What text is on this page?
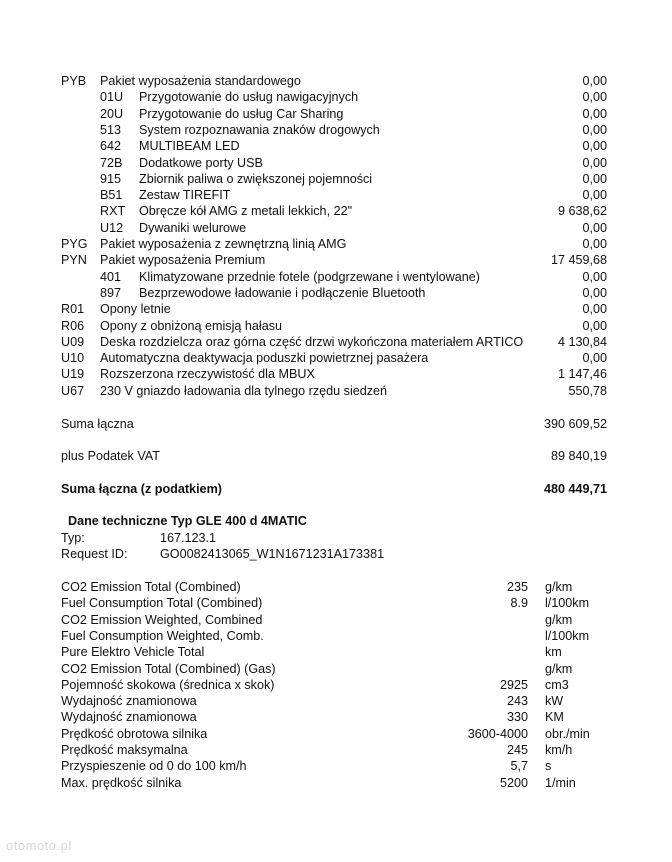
PYB Pakiet wyposażenia standardowego	0,00
01U Przygotowanie do usług nawigacyjnych	0,00
20U Przygotowanie do usług Car Sharing	0,00
513 System rozpoznawania znaków drogowych	0,00
642 MULTIBEAM LED	0,00
72B Dodatkowe porty USB	0,00
915 Zbiornik paliwa o zwiększonej pojemności	0,00
B51 Zestaw TIREFIT	0,00
RXT Obręcze kół AMG z metali lekkich, 22"	9 638,62
U12 Dywaniki welurowe	0,00
PYG Pakiet wyposażenia z zewnętrzną linią AMG	0,00
PYN Pakiet wyposażenia Premium	17 459,68
401 Klimatyzowane przednie fotele (podgrzewane i wentylowane)	0,00
897 Bezprzewodowe ładowanie i podłączenie Bluetooth	0,00
R01 Opony letnie	0,00
R06 Opony z obniżoną emisją hałasu	0,00
U09 Deska rozdzielcza oraz górna część drzwi wykończona materiałem ARTICO	4 130,84
U10 Automatyczna deaktywacja poduszki powietrznej pasażera	0,00
U19 Rozszerzona rzeczywistość dla MBUX	1 147,46
U67 230 V gniazdo ładowania dla tylnego rzędu siedzeń	550,78
Suma łączna	390 609,52
plus Podatek VAT	89 840,19
Suma łączna (z podatkiem)	480 449,71
Dane techniczne Typ GLE 400 d 4MATIC
Typ:	167.123.1
Request ID:	GO0082413065_W1N1671231A173381
CO2 Emission Total (Combined)	235 g/km
Fuel Consumption Total (Combined)	8.9 l/100km
CO2 Emission Weighted, Combined	g/km
Fuel Consumption Weighted, Comb.	l/100km
Pure Elektro Vehicle Total	km
CO2 Emission Total (Combined) (Gas)	g/km
Pojemność skokowa (średnica x skok)	2925 cm3
Wydajność znamionowa	243 kW
Wydajność znamionowa	330 KM
Prędkość obrotowa silnika	3600-4000 obr./min
Prędkość maksymalna	245 km/h
Przyspieszenie od 0 do 100 km/h	5,7 s
Max. prędkość silnika	5200 1/min
otomoto.pl
